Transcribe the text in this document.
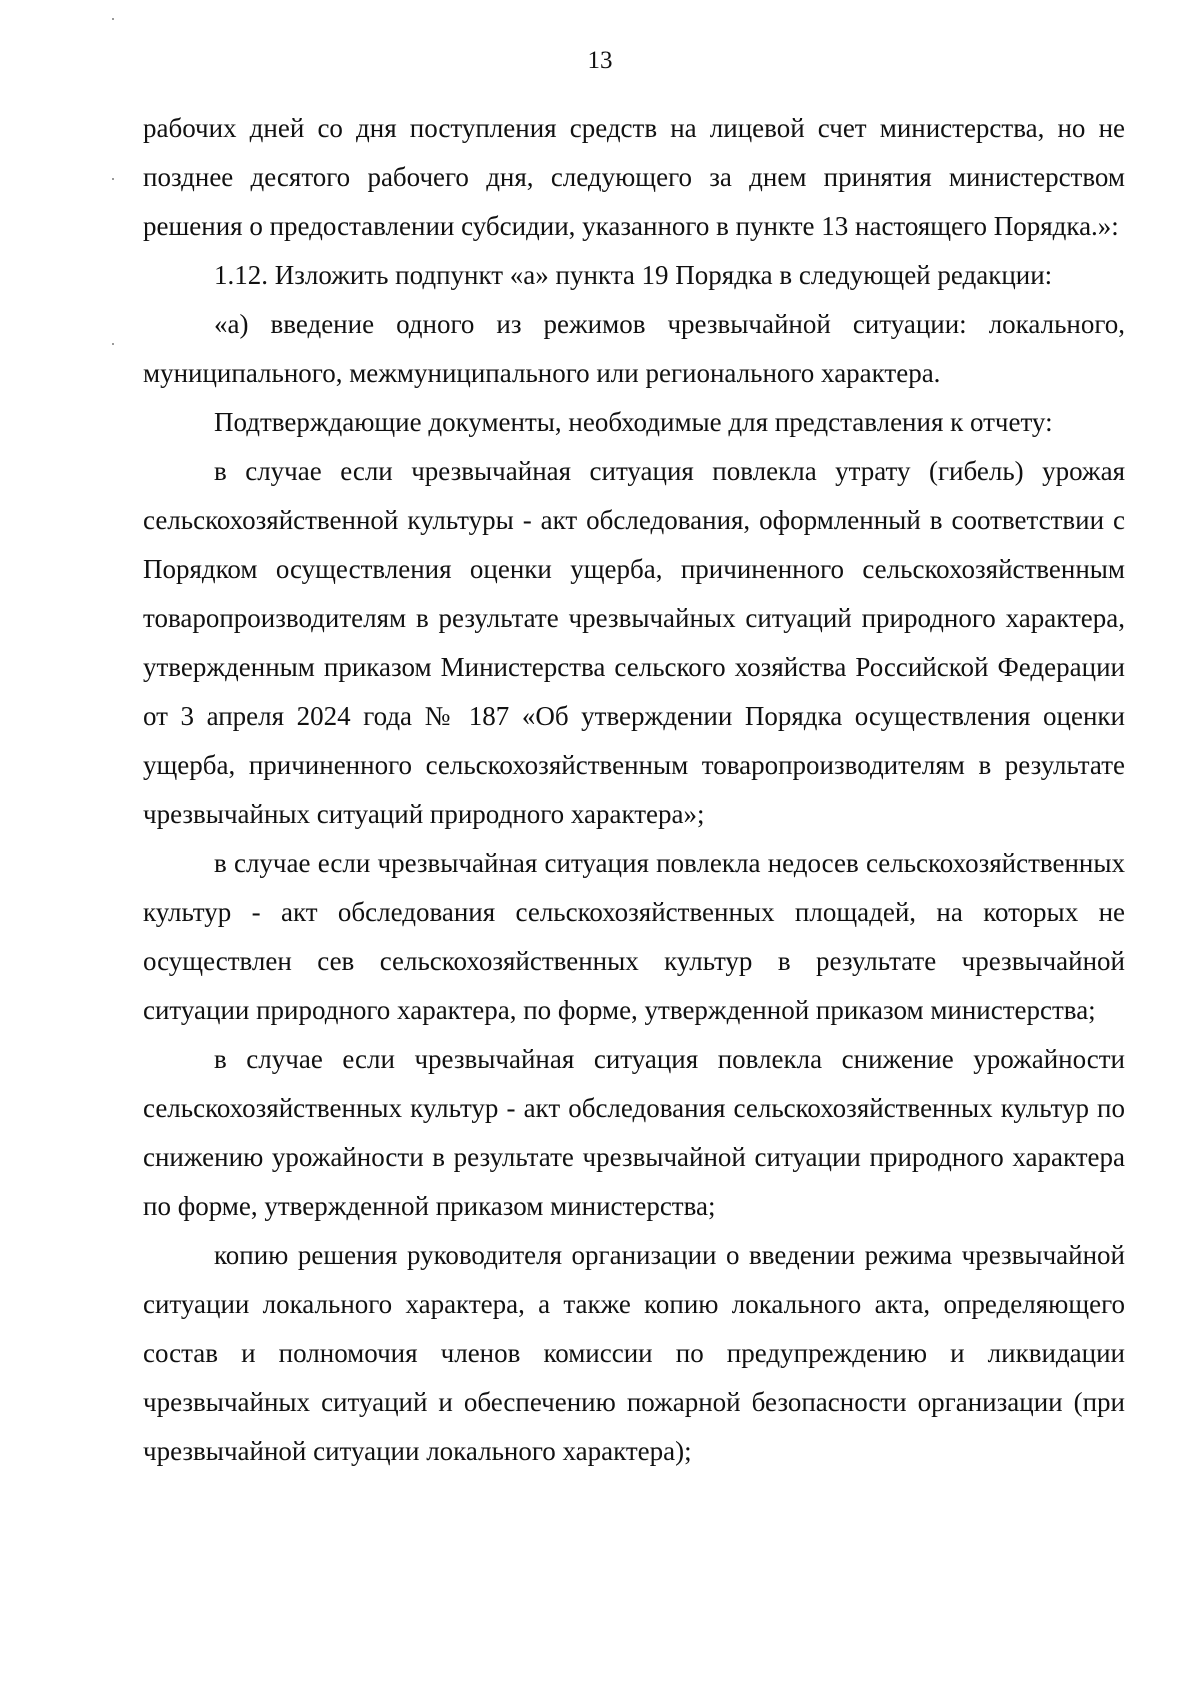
13

рабочих дней со дня поступления средств на лицевой счет министерства, но не позднее десятого рабочего дня, следующего за днем принятия министерством решения о предоставлении субсидии, указанного в пункте 13 настоящего Порядка.»:

1.12. Изложить подпункт «а» пункта 19 Порядка в следующей редакции:

«а) введение одного из режимов чрезвычайной ситуации: локального, муниципального, межмуниципального или регионального характера.

Подтверждающие документы, необходимые для представления к отчету:

в случае если чрезвычайная ситуация повлекла утрату (гибель) урожая сельскохозяйственной культуры - акт обследования, оформленный в соответствии с Порядком осуществления оценки ущерба, причиненного сельскохозяйственным товаропроизводителям в результате чрезвычайных ситуаций природного характера, утвержденным приказом Министерства сельского хозяйства Российской Федерации от 3 апреля 2024 года № 187 «Об утверждении Порядка осуществления оценки ущерба, причиненного сельскохозяйственным товаропроизводителям в результате чрезвычайных ситуаций природного характера»;

в случае если чрезвычайная ситуация повлекла недосев сельскохозяйственных культур - акт обследования сельскохозяйственных площадей, на которых не осуществлен сев сельскохозяйственных культур в результате чрезвычайной ситуации природного характера, по форме, утвержденной приказом министерства;

в случае если чрезвычайная ситуация повлекла снижение урожайности сельскохозяйственных культур - акт обследования сельскохозяйственных культур по снижению урожайности в результате чрезвычайной ситуации природного характера по форме, утвержденной приказом министерства;

копию решения руководителя организации о введении режима чрезвычайной ситуации локального характера, а также копию локального акта, определяющего состав и полномочия членов комиссии по предупреждению и ликвидации чрезвычайных ситуаций и обеспечению пожарной безопасности организации (при чрезвычайной ситуации локального характера);
